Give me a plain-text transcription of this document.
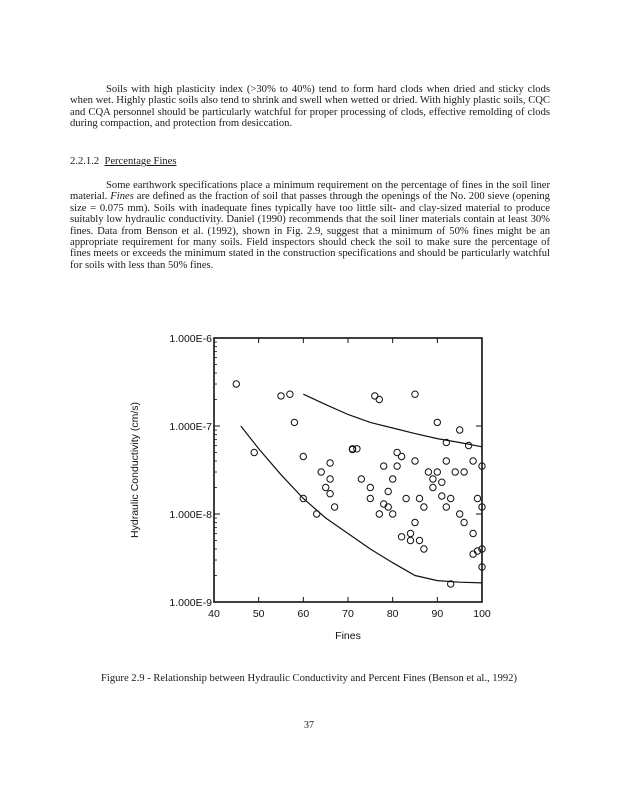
Soils with high plasticity index (>30% to 40%) tend to form hard clods when dried and sticky clods when wet. Highly plastic soils also tend to shrink and swell when wetted or dried. With highly plastic soils, CQC and CQA personnel should be particularly watchful for proper processing of clods, effective remolding of clods during compaction, and protection from desiccation.

2.2.1.2 Percentage Fines

Some earthwork specifications place a minimum requirement on the percentage of fines in the soil liner material. Fines are defined as the fraction of soil that passes through the openings of the No. 200 sieve (opening size = 0.075 mm). Soils with inadequate fines typically have too little silt- and clay-sized material to produce suitably low hydraulic conductivity. Daniel (1990) recommends that the soil liner materials contain at least 30% fines. Data from Benson et al. (1992), shown in Fig. 2.9, suggest that a minimum of 50% fines might be an appropriate requirement for many soils. Field inspectors should check the soil to make sure the percentage of fines meets or exceeds the minimum stated in the construction specifications and should be particularly watchful for soils with less than 50% fines.

40	50	60	70	80	90	100
1.000E-6
1.000E-7
1.000E-8
1.000E-9
Fines
Hydraulic Conductivity (cm/s)

Figure 2.9 - Relationship between Hydraulic Conductivity and Percent Fines (Benson et al., 1992)

37
